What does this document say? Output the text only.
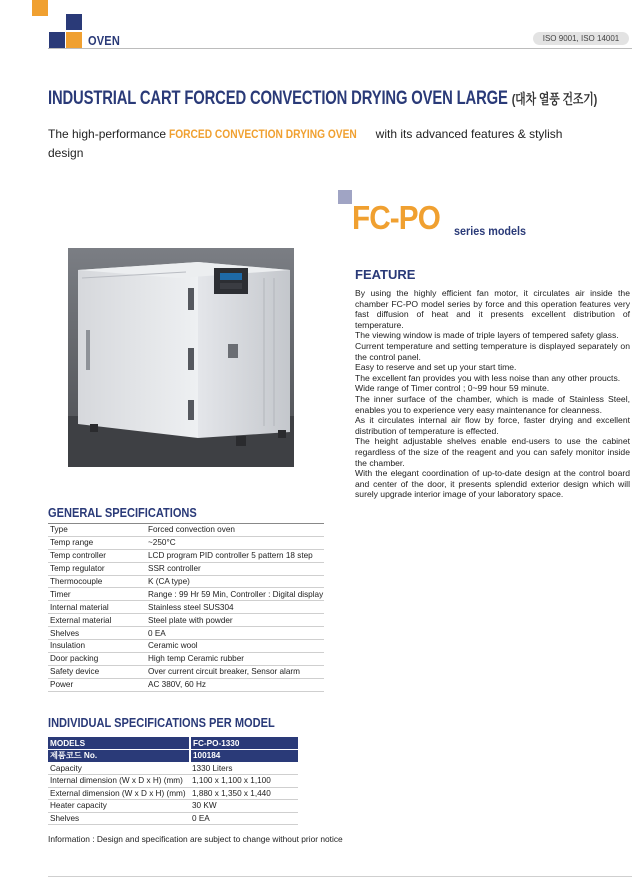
OVEN	ISO 9001, ISO 14001
INDUSTRIAL CART FORCED CONVECTION DRYING OVEN LARGE (대차 열풍 건조기)
The high-performance FORCED CONVECTION DRYING OVEN with its advanced features & stylish design
FC-PO series models
FEATURE

By using the highly efficient fan motor, it circulates air inside the chamber FC-PO model series by force and this operation features very fast diffusion of heat and it presents excellent distribution of temperature.

The viewing window is made of triple layers of tempered safety glass.

Current temperature and setting temperature is displayed separately on the control panel.

Easy to reserve and set up your start time.

The excellent fan provides you with less noise than any other proucts.

Wide range of Timer control ; 0~99 hour 59 minute.

The inner surface of the chamber, which is made of Stainless Steel, enables you to experience very easy maintenance for cleanness.

As it circulates internal air flow by force, faster drying and excellent distribution of temperature is effected.

The height adjustable shelves enable end-users to use the cabinet regardless of the size of the reagent and you can safely monitor inside the chamber.

With the elegant coordination of up-to-date design at the control board and center of the door, it presents splendid exterior design which will surely upgrade interior image of your laboratory space.

GENERAL SPECIFICATIONS
Type	Forced convection oven
Temp range	~250°C
Temp controller	LCD program PID controller 5 pattern 18 step
Temp regulator	SSR controller
Thermocouple	K (CA type)
Timer	Range : 99 Hr 59 Min, Controller : Digital display
Internal material	Stainless steel SUS304
External material	Steel plate with powder
Shelves	0 EA
Insulation	Ceramic wool
Door packing	High temp Ceramic rubber
Safety device	Over current circuit breaker, Sensor alarm
Power	AC 380V, 60 Hz
INDIVIDUAL SPECIFICATIONS PER MODEL
MODELS	FC-PO-1330
제품코드 No.	100184
Capacity	1330 Liters
Internal dimension (W x D x H) (mm)	1,100 x 1,100 x 1,100
External dimension (W x D x H) (mm)	1,880 x 1,350 x 1,440
Heater capacity	30 KW
Shelves	0 EA
Information : Design and specification are subject to change without prior notice
